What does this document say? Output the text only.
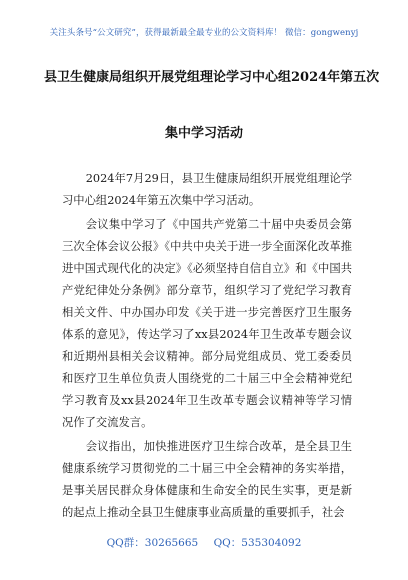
关注头条号“公文研究”，获得最新最全最专业的公文资料库！ 微信：gongwenyj
县卫生健康局组织开展党组理论学习中心组2024年第五次
集中学习活动

2024年7月29日，县卫生健康局组织开展党组理论学习中心组2024年第五次集中学习活动。

会议集中学习了《中国共产党第二十届中央委员会第三次全体会议公报》《中共中央关于进一步全面深化改革推进中国式现代化的决定》《必须坚持自信自立》和《中国共产党纪律处分条例》部分章节，组织学习了党纪学习教育相关文件、中办国办印发《关于进一步完善医疗卫生服务体系的意见》，传达学习了xx县2024年卫生改革专题会议和近期州县相关会议精神。部分局党组成员、党工委委员和医疗卫生单位负责人围绕党的二十届三中全会精神党纪学习教育及xx县2024年卫生改革专题会议精神等学习情况作了交流发言。

会议指出，加快推进医疗卫生综合改革，是全县卫生健康系统学习贯彻党的二十届三中全会精神的务实举措，是事关居民群众身体健康和生命安全的民生实事，更是新的起点上推动全县卫生健康事业高质量的重要抓手，社会

QQ群：30265665 QQ：535304092
